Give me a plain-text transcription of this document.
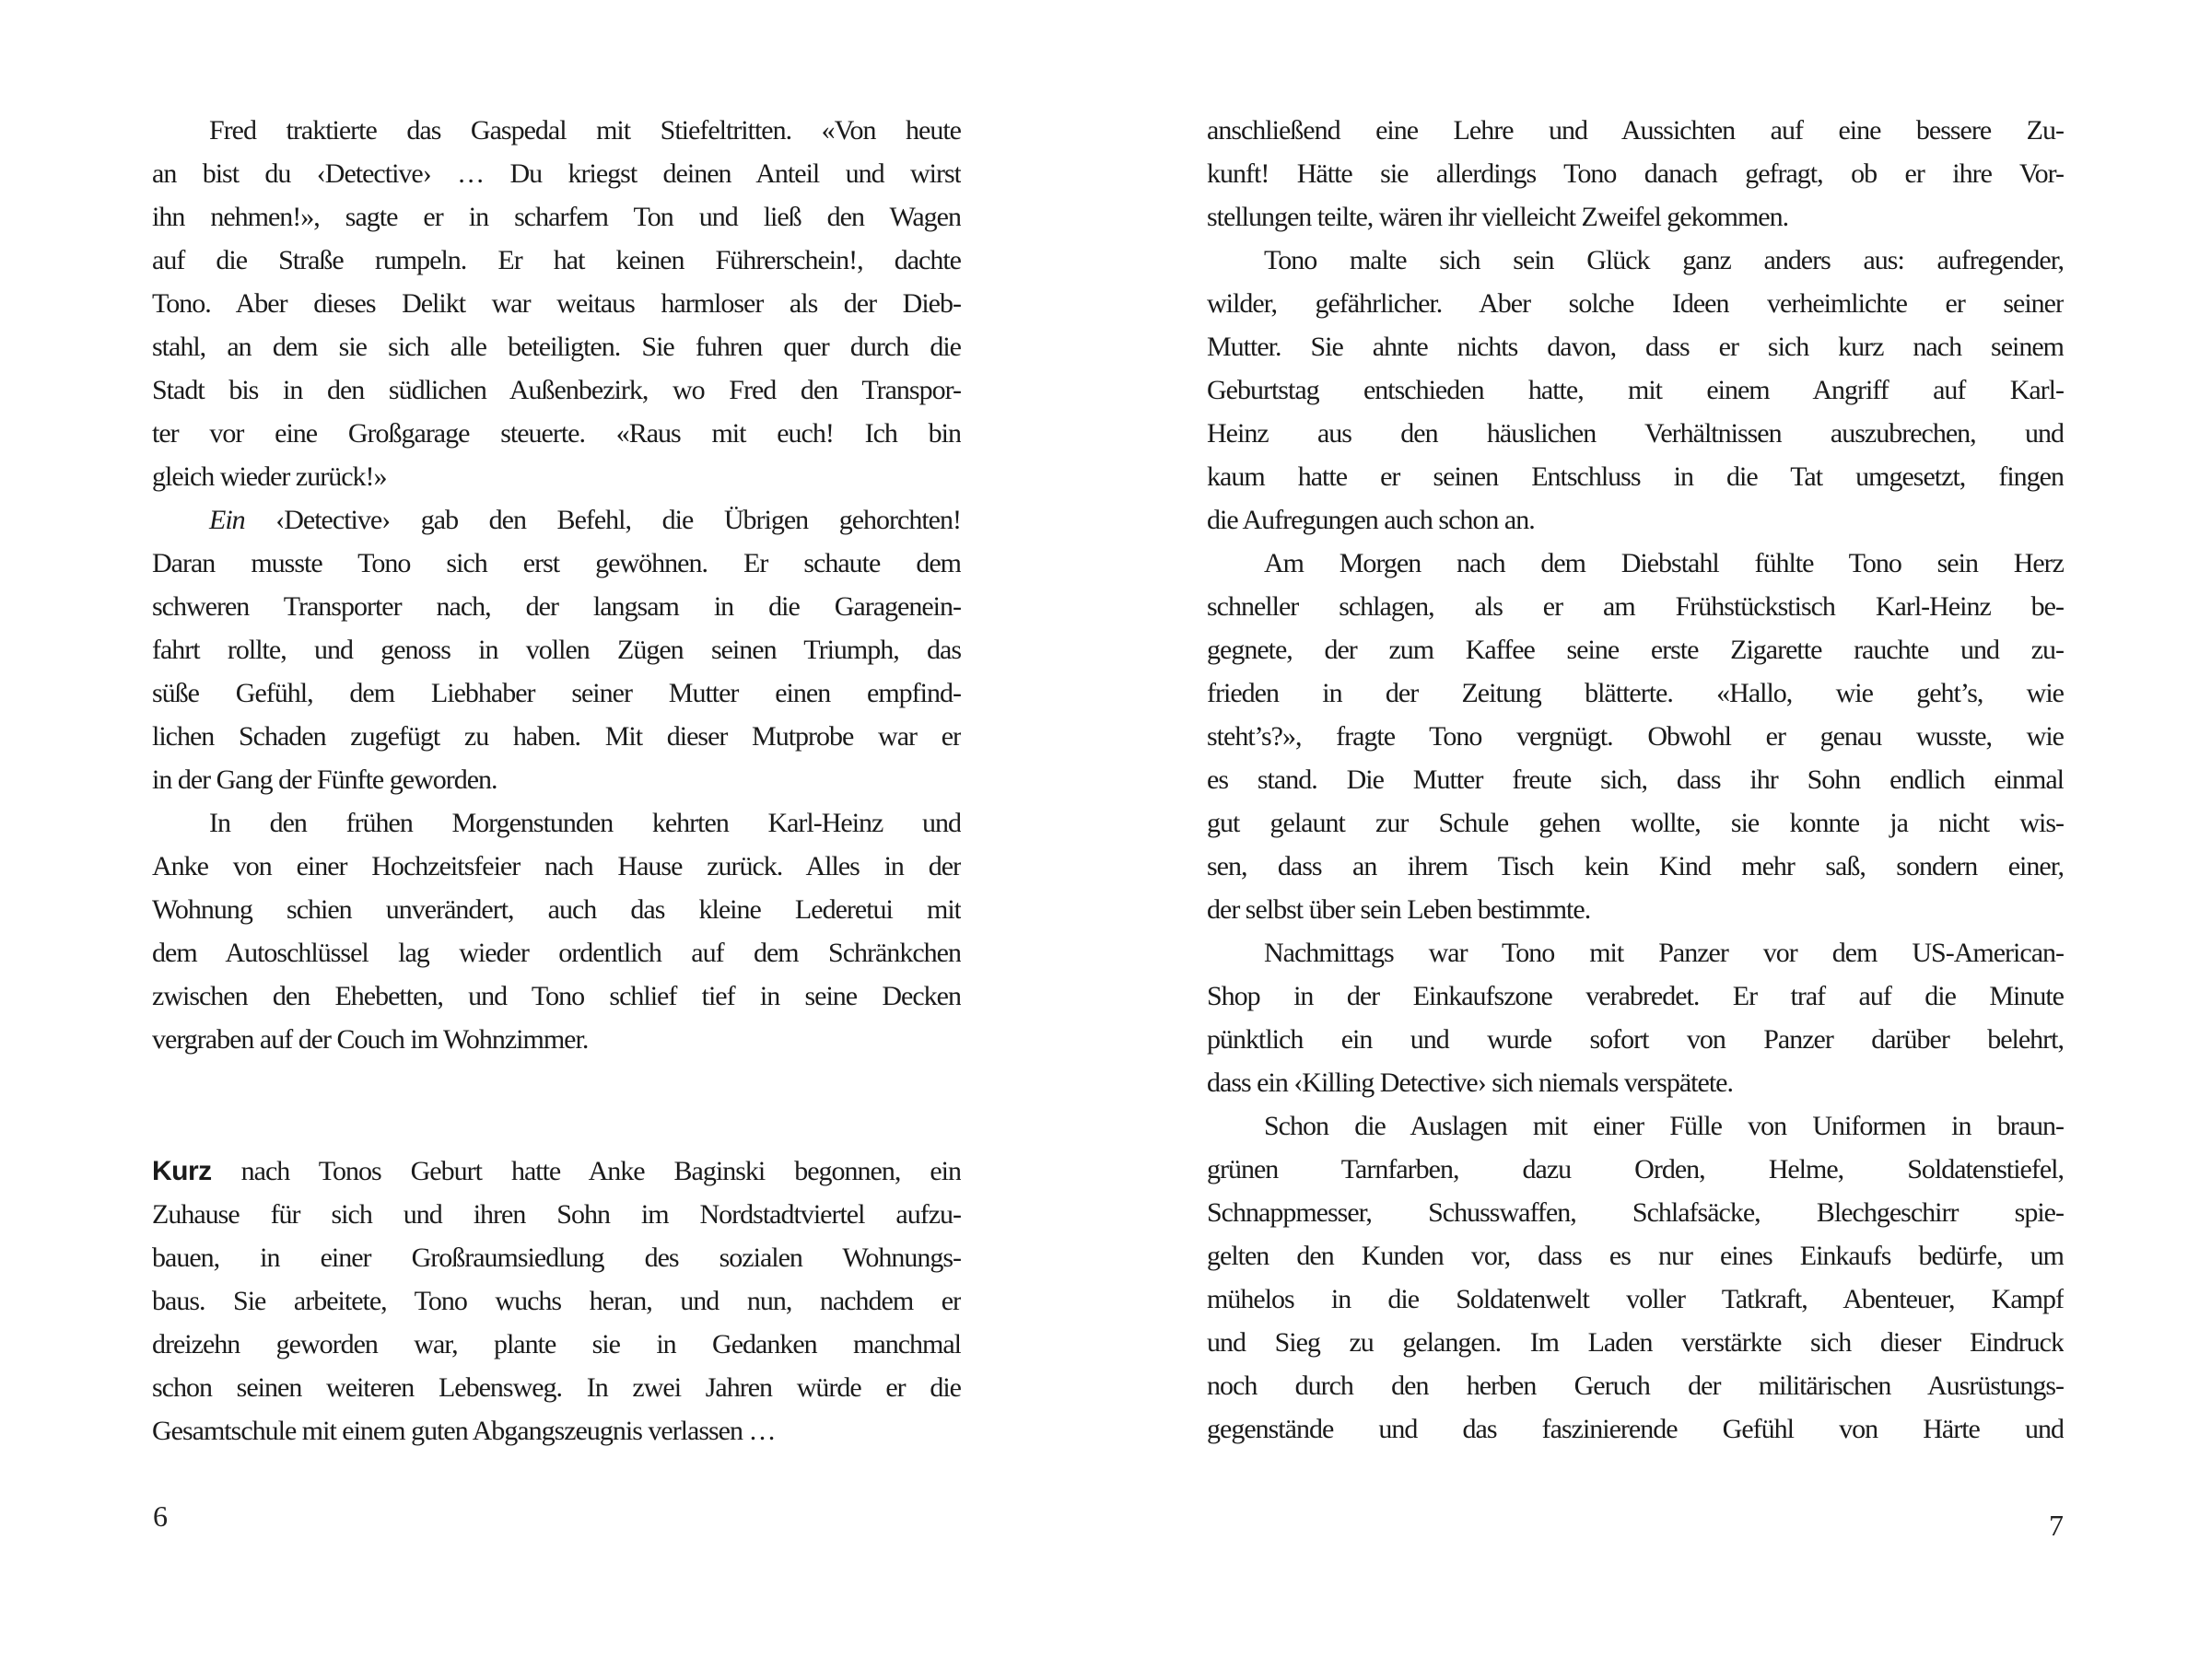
Fred traktierte das Gaspedal mit Stiefeltritten. «Von heute
an bist du ‹Detective› … Du kriegst deinen Anteil und wirst
ihn nehmen!», sagte er in scharfem Ton und ließ den Wagen
auf die Straße rumpeln. Er hat keinen Führerschein!, dachte
Tono. Aber dieses Delikt war weitaus harmloser als der Dieb-
stahl, an dem sie sich alle beteiligten. Sie fuhren quer durch die
Stadt bis in den südlichen Außenbezirk, wo Fred den Transpor-
ter vor eine Großgarage steuerte. «Raus mit euch! Ich bin
gleich wieder zurück!»
Ein ‹Detective› gab den Befehl, die Übrigen gehorchten!
Daran musste Tono sich erst gewöhnen. Er schaute dem
schweren Transporter nach, der langsam in die Garagenein-
fahrt rollte, und genoss in vollen Zügen seinen Triumph, das
süße Gefühl, dem Liebhaber seiner Mutter einen empfind-
lichen Schaden zugefügt zu haben. Mit dieser Mutprobe war er
in der Gang der Fünfte geworden.
In den frühen Morgenstunden kehrten Karl-Heinz und
Anke von einer Hochzeitsfeier nach Hause zurück. Alles in der
Wohnung schien unverändert, auch das kleine Lederetui mit
dem Autoschlüssel lag wieder ordentlich auf dem Schränkchen
zwischen den Ehebetten, und Tono schlief tief in seine Decken
vergraben auf der Couch im Wohnzimmer.
Kurz nach Tonos Geburt hatte Anke Baginski begonnen, ein
Zuhause für sich und ihren Sohn im Nordstadtviertel aufzu-
bauen, in einer Großraumsiedlung des sozialen Wohnungs-
baus. Sie arbeitete, Tono wuchs heran, und nun, nachdem er
dreizehn geworden war, plante sie in Gedanken manchmal
schon seinen weiteren Lebensweg. In zwei Jahren würde er die
Gesamtschule mit einem guten Abgangszeugnis verlassen …
6
anschließend eine Lehre und Aussichten auf eine bessere Zu-
kunft! Hätte sie allerdings Tono danach gefragt, ob er ihre Vor-
stellungen teilte, wären ihr vielleicht Zweifel gekommen.
Tono malte sich sein Glück ganz anders aus: aufregender,
wilder, gefährlicher. Aber solche Ideen verheimlichte er seiner
Mutter. Sie ahnte nichts davon, dass er sich kurz nach seinem
Geburtstag entschieden hatte, mit einem Angriff auf Karl-
Heinz aus den häuslichen Verhältnissen auszubrechen, und
kaum hatte er seinen Entschluss in die Tat umgesetzt, fingen
die Aufregungen auch schon an.
Am Morgen nach dem Diebstahl fühlte Tono sein Herz
schneller schlagen, als er am Frühstückstisch Karl-Heinz be-
gegnete, der zum Kaffee seine erste Zigarette rauchte und zu-
frieden in der Zeitung blätterte. «Hallo, wie geht’s, wie
steht’s?», fragte Tono vergnügt. Obwohl er genau wusste, wie
es stand. Die Mutter freute sich, dass ihr Sohn endlich einmal
gut gelaunt zur Schule gehen wollte, sie konnte ja nicht wis-
sen, dass an ihrem Tisch kein Kind mehr saß, sondern einer,
der selbst über sein Leben bestimmte.
Nachmittags war Tono mit Panzer vor dem US-American-
Shop in der Einkaufszone verabredet. Er traf auf die Minute
pünktlich ein und wurde sofort von Panzer darüber belehrt,
dass ein ‹Killing Detective› sich niemals verspätete.
Schon die Auslagen mit einer Fülle von Uniformen in braun-
grünen Tarnfarben, dazu Orden, Helme, Soldatenstiefel,
Schnappmesser, Schusswaffen, Schlafsäcke, Blechgeschirr spie-
gelten den Kunden vor, dass es nur eines Einkaufs bedürfe, um
mühelos in die Soldatenwelt voller Tatkraft, Abenteuer, Kampf
und Sieg zu gelangen. Im Laden verstärkte sich dieser Eindruck
noch durch den herben Geruch der militärischen Ausrüstungs-
gegenstände und das faszinierende Gefühl von Härte und
7
